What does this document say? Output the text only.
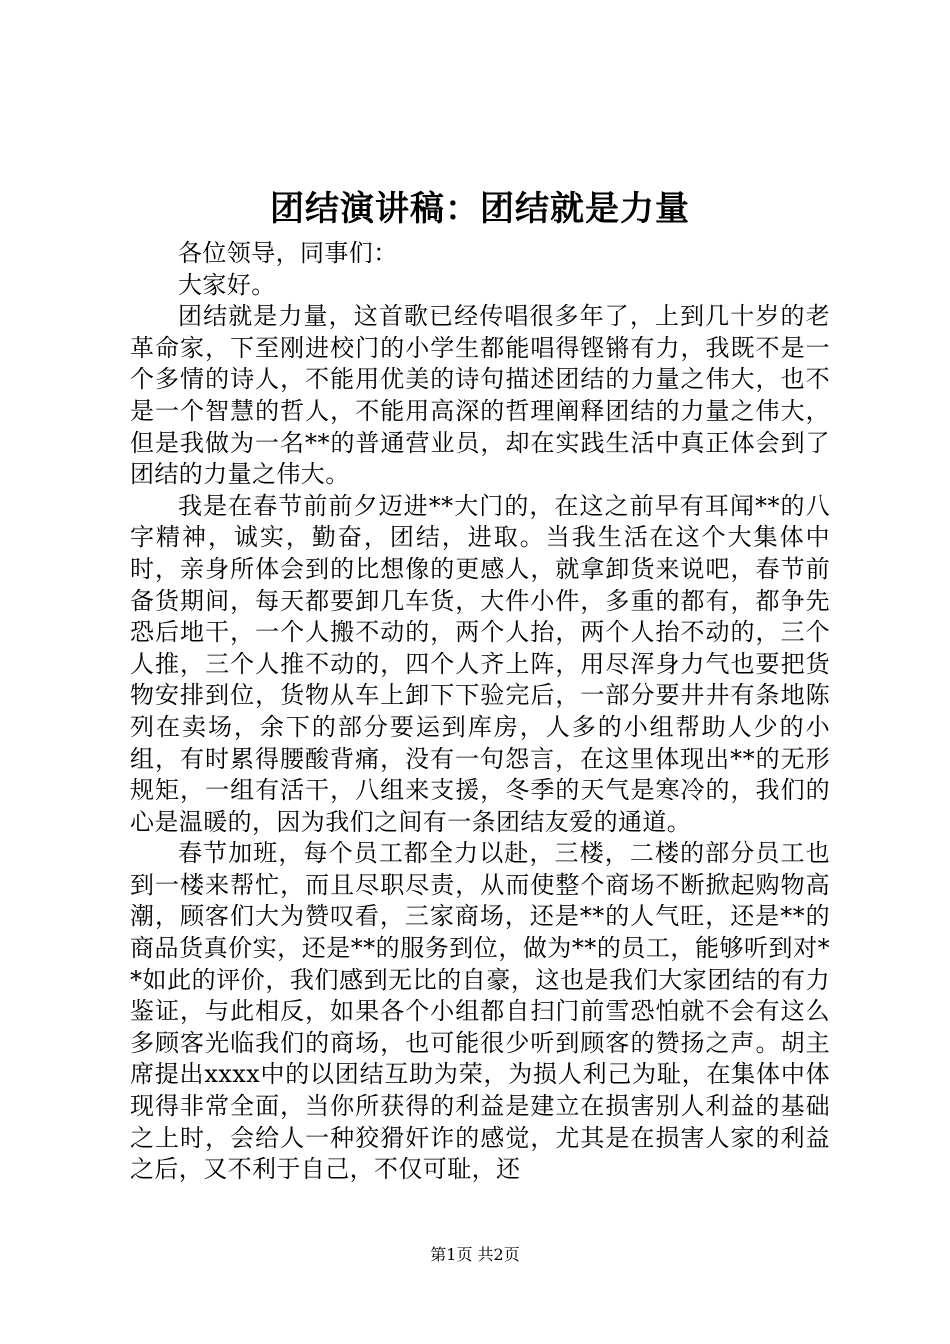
团结演讲稿：团结就是力量

各位领导，同事们：

大家好。

团结就是力量，这首歌已经传唱很多年了，上到几十岁的老革命家，下至刚进校门的小学生都能唱得铿锵有力，我既不是一个多情的诗人，不能用优美的诗句描述团结的力量之伟大，也不是一个智慧的哲人，不能用高深的哲理阐释团结的力量之伟大，但是我做为一名**的普通营业员，却在实践生活中真正体会到了团结的力量之伟大。

我是在春节前前夕迈进**大门的，在这之前早有耳闻**的八字精神，诚实，勤奋，团结，进取。当我生活在这个大集体中时，亲身所体会到的比想像的更感人，就拿卸货来说吧，春节前备货期间，每天都要卸几车货，大件小件，多重的都有，都争先恐后地干，一个人搬不动的，两个人抬，两个人抬不动的，三个人推，三个人推不动的，四个人齐上阵，用尽浑身力气也要把货物安排到位，货物从车上卸下下验完后，一部分要井井有条地陈列在卖场，余下的部分要运到库房，人多的小组帮助人少的小组，有时累得腰酸背痛，没有一句怨言，在这里体现出**的无形规矩，一组有活干，八组来支援，冬季的天气是寒冷的，我们的心是温暖的，因为我们之间有一条团结友爱的通道。

春节加班，每个员工都全力以赴，三楼，二楼的部分员工也到一楼来帮忙，而且尽职尽责，从而使整个商场不断掀起购物高潮，顾客们大为赞叹看，三家商场，还是**的人气旺，还是**的商品货真价实，还是**的服务到位，做为**的员工，能够听到对**如此的评价，我们感到无比的自豪，这也是我们大家团结的有力鉴证，与此相反，如果各个小组都自扫门前雪恐怕就不会有这么多顾客光临我们的商场，也可能很少听到顾客的赞扬之声。胡主席提出xxxx中的以团结互助为荣，为损人利己为耻，在集体中体现得非常全面，当你所获得的利益是建立在损害别人利益的基础之上时，会给人一种狡猾奸诈的感觉，尤其是在损害人家的利益之后，又不利于自己，不仅可耻，还

第1页 共2页
